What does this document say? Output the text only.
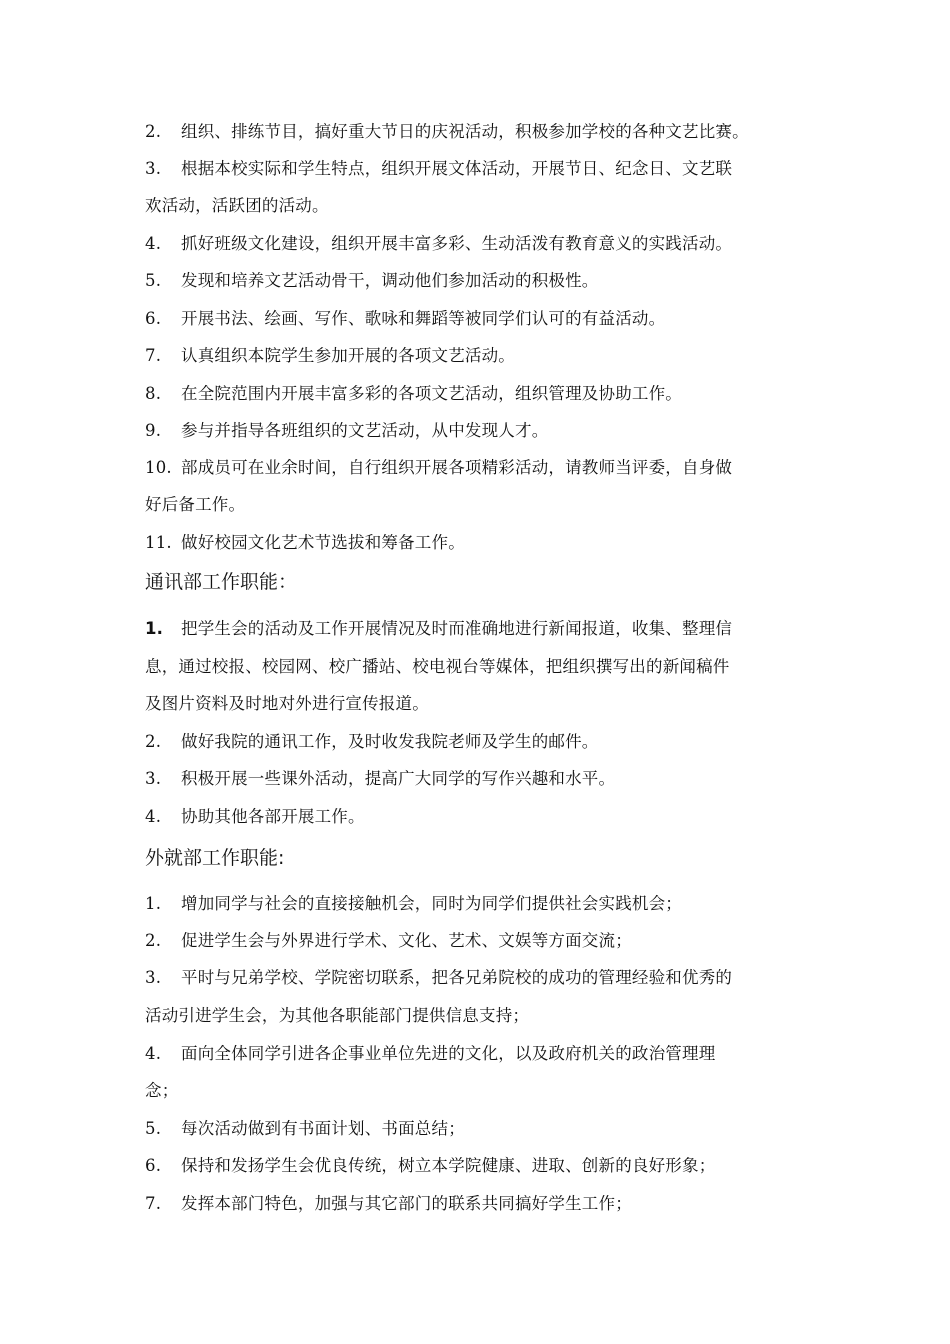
2. 组织、排练节目，搞好重大节日的庆祝活动，积极参加学校的各种文艺比赛。
3. 根据本校实际和学生特点，组织开展文体活动，开展节日、纪念日、文艺联
欢活动，活跃团的活动。
4. 抓好班级文化建设，组织开展丰富多彩、生动活泼有教育意义的实践活动。
5. 发现和培养文艺活动骨干，调动他们参加活动的积极性。
6. 开展书法、绘画、写作、歌咏和舞蹈等被同学们认可的有益活动。
7. 认真组织本院学生参加开展的各项文艺活动。
8. 在全院范围内开展丰富多彩的各项文艺活动，组织管理及协助工作。
9. 参与并指导各班组织的文艺活动，从中发现人才。
10. 部成员可在业余时间，自行组织开展各项精彩活动，请教师当评委，自身做
好后备工作。
11. 做好校园文化艺术节选拔和筹备工作。
通讯部工作职能：
1. 把学生会的活动及工作开展情况及时而准确地进行新闻报道，收集、整理信
息，通过校报、校园网、校广播站、校电视台等媒体，把组织撰写出的新闻稿件
及图片资料及时地对外进行宣传报道。
2. 做好我院的通讯工作，及时收发我院老师及学生的邮件。
3. 积极开展一些课外活动，提高广大同学的写作兴趣和水平。
4. 协助其他各部开展工作。
外就部工作职能:
1. 增加同学与社会的直接接触机会，同时为同学们提供社会实践机会；
2. 促进学生会与外界进行学术、文化、艺术、文娱等方面交流；
3. 平时与兄弟学校、学院密切联系，把各兄弟院校的成功的管理经验和优秀的
活动引进学生会，为其他各职能部门提供信息支持；
4. 面向全体同学引进各企事业单位先进的文化，以及政府机关的政治管理理
念；
5. 每次活动做到有书面计划、书面总结；
6. 保持和发扬学生会优良传统，树立本学院健康、进取、创新的良好形象；
7. 发挥本部门特色，加强与其它部门的联系共同搞好学生工作；
